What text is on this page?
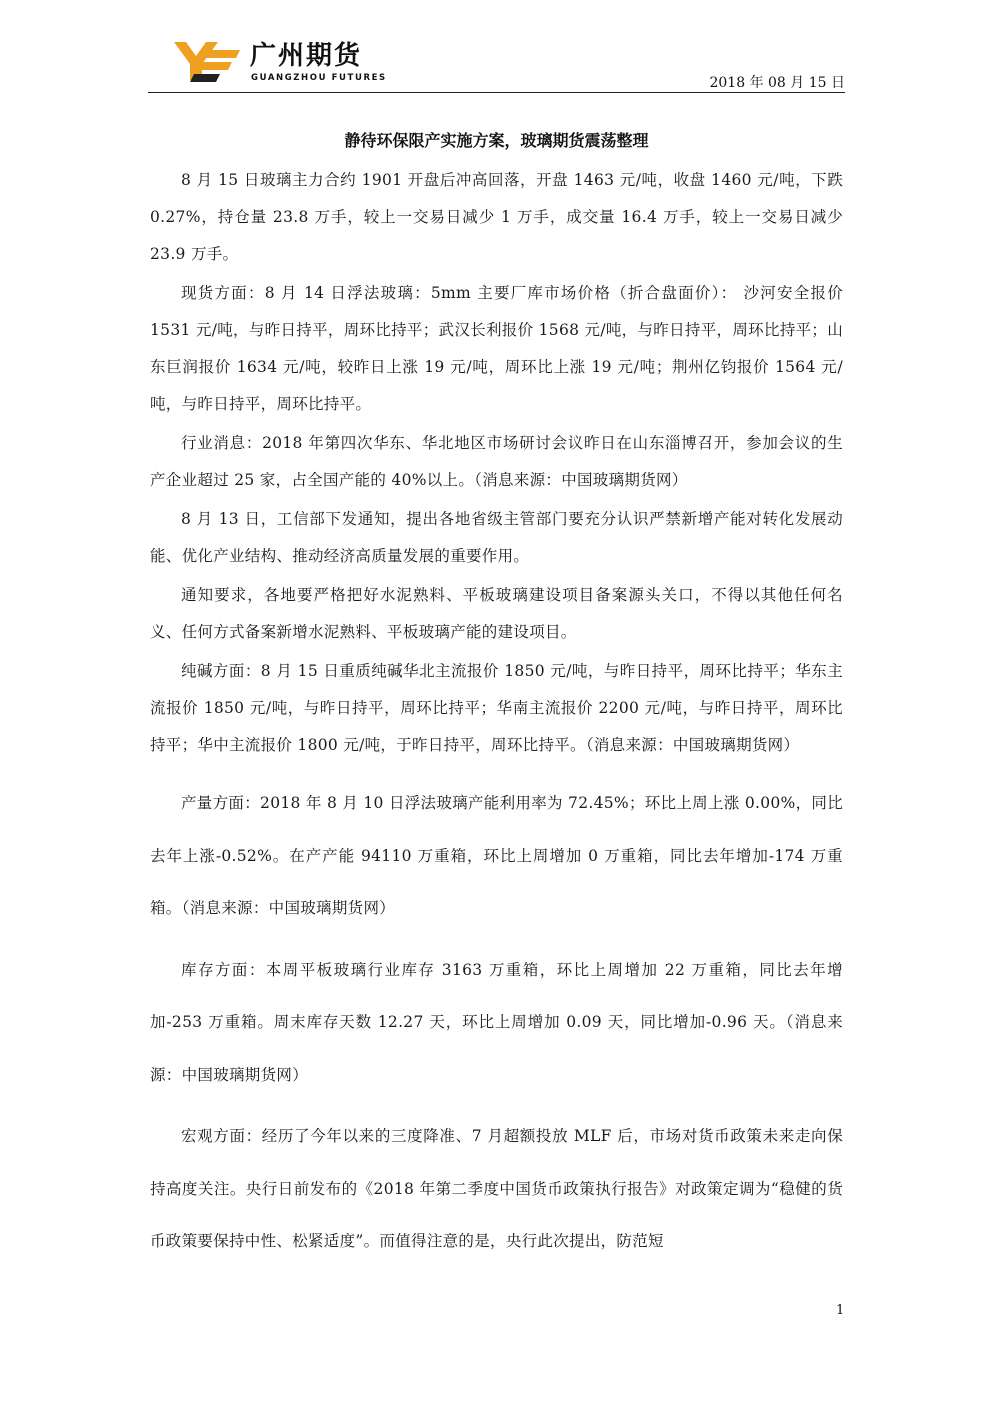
广州期货
GUANGZHOU FUTURES	2018 年 08 月 15 日
静待环保限产实施方案，玻璃期货震荡整理

8 月 15 日玻璃主力合约 1901 开盘后冲高回落，开盘 1463 元/吨，收盘 1460 元/吨，下跌 0.27%，持仓量 23.8 万手，较上一交易日减少 1 万手，成交量 16.4 万手，较上一交易日减少 23.9 万手。

现货方面：8 月 14 日浮法玻璃：5mm 主要厂库市场价格（折合盘面价）： 沙河安全报价 1531 元/吨，与昨日持平，周环比持平；武汉长利报价 1568 元/吨，与昨日持平，周环比持平；山东巨润报价 1634 元/吨，较昨日上涨 19 元/吨，周环比上涨 19 元/吨；荆州亿钧报价 1564 元/吨，与昨日持平，周环比持平。

行业消息：2018 年第四次华东、华北地区市场研讨会议昨日在山东淄博召开，参加会议的生产企业超过 25 家，占全国产能的 40%以上。（消息来源：中国玻璃期货网）

8 月 13 日，工信部下发通知，提出各地省级主管部门要充分认识严禁新增产能对转化发展动能、优化产业结构、推动经济高质量发展的重要作用。

通知要求，各地要严格把好水泥熟料、平板玻璃建设项目备案源头关口，不得以其他任何名义、任何方式备案新增水泥熟料、平板玻璃产能的建设项目。

纯碱方面：8 月 15 日重质纯碱华北主流报价 1850 元/吨，与昨日持平，周环比持平；华东主流报价 1850 元/吨，与昨日持平，周环比持平；华南主流报价 2200 元/吨，与昨日持平，周环比持平；华中主流报价 1800 元/吨，于昨日持平，周环比持平。（消息来源：中国玻璃期货网）

产量方面：2018 年 8 月 10 日浮法玻璃产能利用率为 72.45%；环比上周上涨 0.00%，同比去年上涨-0.52%。在产产能 94110 万重箱，环比上周增加 0 万重箱，同比去年增加-174 万重箱。（消息来源：中国玻璃期货网）

库存方面：本周平板玻璃行业库存 3163 万重箱，环比上周增加 22 万重箱，同比去年增加-253 万重箱。周末库存天数 12.27 天，环比上周增加 0.09 天，同比增加-0.96 天。（消息来源：中国玻璃期货网）

宏观方面：经历了今年以来的三度降准、7 月超额投放 MLF 后，市场对货币政策未来走向保持高度关注。央行日前发布的《2018 年第二季度中国货币政策执行报告》对政策定调为“稳健的货币政策要保持中性、松紧适度”。而值得注意的是，央行此次提出，防范短

1
